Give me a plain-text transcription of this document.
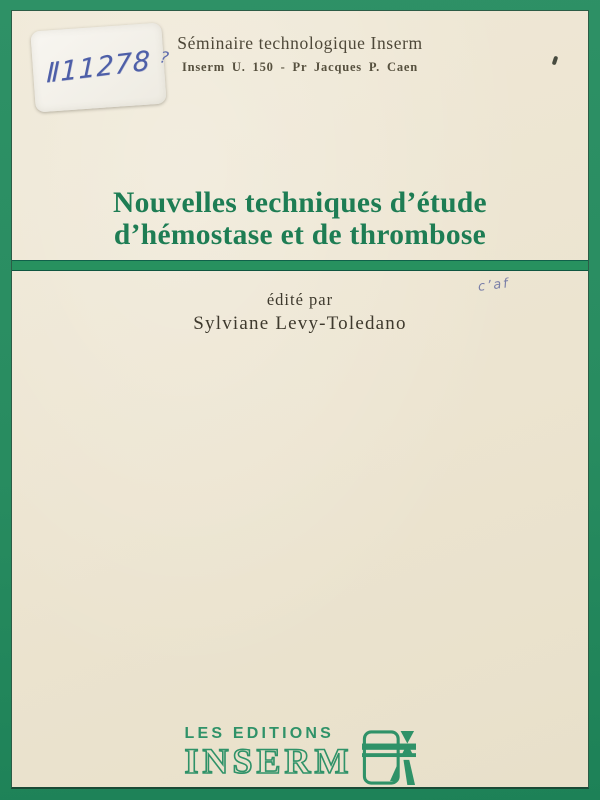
Séminaire technologique Inserm
Inserm U. 150 - Pr Jacques P. Caen
Ⅱ11278 ?
Nouvelles techniques d’étude
d’hémostase et de thrombose
édité par
Sylviane Levy-Toledano
c’af
LES EDITIONS
INSERM
